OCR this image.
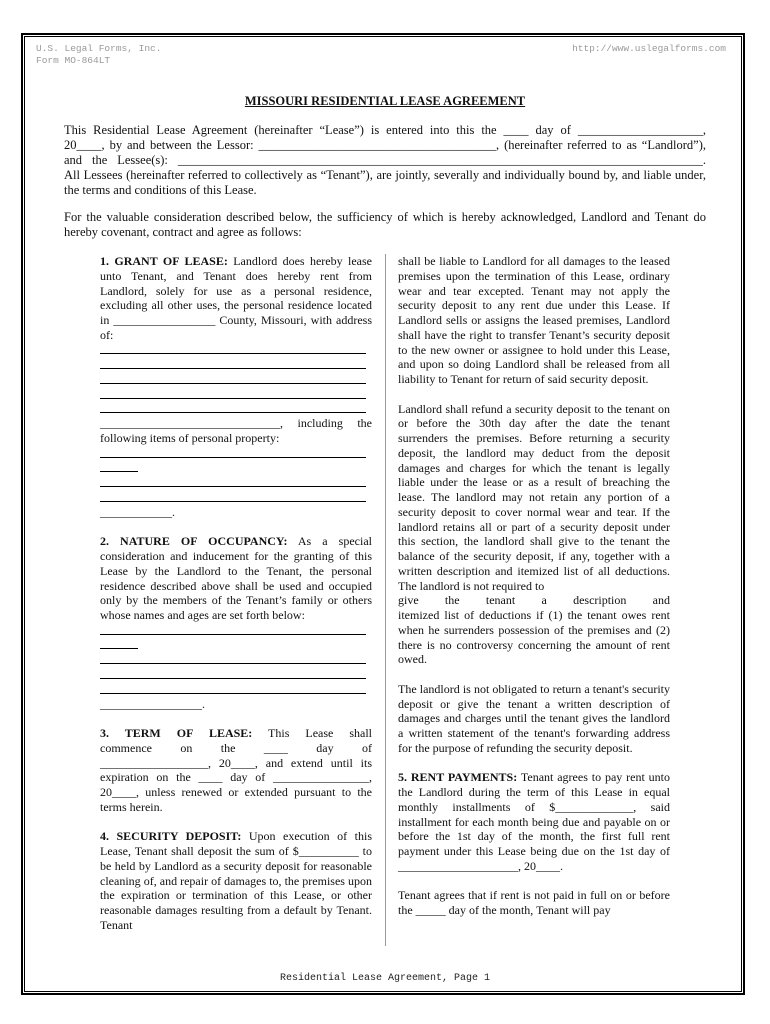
U.S. Legal Forms, Inc.
Form MO-864LT
http://www.uslegalforms.com
MISSOURI RESIDENTIAL LEASE AGREEMENT

This Residential Lease Agreement (hereinafter “Lease”) is entered into this the ____ day of ____________________,

20____, by and between the Lessor: ______________________________________, (hereinafter referred to as “Landlord”),

and the Lessee(s): ____________________________________________________________________________________.

All Lessees (hereinafter referred to collectively as “Tenant”), are jointly, severally and individually bound by, and liable under, the terms and conditions of this Lease.

For the valuable consideration described below, the sufficiency of which is hereby acknowledged, Landlord and Tenant do hereby covenant, contract and agree as follows:

1. GRANT OF LEASE: Landlord does hereby lease unto Tenant, and Tenant does hereby rent from Landlord, solely for use as a personal residence, excluding all other uses, the personal residence located in _________________ County, Missouri, with address of:

______________________________, including the

following items of personal property:

____________.

2. NATURE OF OCCUPANCY: As a special consideration and inducement for the granting of this Lease by the Landlord to the Tenant, the personal residence described above shall be used and occupied only by the members of the Tenant’s family or others whose names and ages are set forth below:

_________________.

3. TERM OF LEASE: This Lease shall

commence on the ____ day of

__________________, 20____, and extend until its

expiration on the ____ day of ________________,

20____, unless renewed or extended pursuant to the terms herein.

4. SECURITY DEPOSIT: Upon execution of this Lease, Tenant shall deposit the sum of $__________ to be held by Landlord as a security deposit for reasonable cleaning of, and repair of damages to, the premises upon the expiration or termination of this Lease, or other reasonable damages resulting from a default by Tenant. Tenant

shall be liable to Landlord for all damages to the leased premises upon the termination of this Lease, ordinary wear and tear excepted. Tenant may not apply the security deposit to any rent due under this Lease. If Landlord sells or assigns the leased premises, Landlord shall have the right to transfer Tenant’s security deposit to the new owner or assignee to hold under this Lease, and upon so doing Landlord shall be released from all liability to Tenant for return of said security deposit.

Landlord shall refund a security deposit to the tenant on or before the 30th day after the date the tenant surrenders the premises. Before returning a security deposit, the landlord may deduct from the deposit damages and charges for which the tenant is legally liable under the lease or as a result of breaching the lease. The landlord may not retain any portion of a security deposit to cover normal wear and tear. If the landlord retains all or part of a security deposit under this section, the landlord shall give to the tenant the balance of the security deposit, if any, together with a written description and itemized list of all deductions. The landlord is not required to

give the tenant a description and

itemized list of deductions if (1) the tenant owes rent when he surrenders possession of the premises and (2) there is no controversy concerning the amount of rent owed.

The landlord is not obligated to return a tenant's security deposit or give the tenant a written description of damages and charges until the tenant gives the landlord a written statement of the tenant's forwarding address for the purpose of refunding the security deposit.

5. RENT PAYMENTS: Tenant agrees to pay rent unto the Landlord during the term of this Lease in equal monthly installments of $_____________, said installment for each month being due and payable on or before the 1st day of the month, the first full rent payment under this Lease being due on the 1st day of ____________________, 20____.

Tenant agrees that if rent is not paid in full on or before the _____ day of the month, Tenant will pay

Residential Lease Agreement, Page 1
